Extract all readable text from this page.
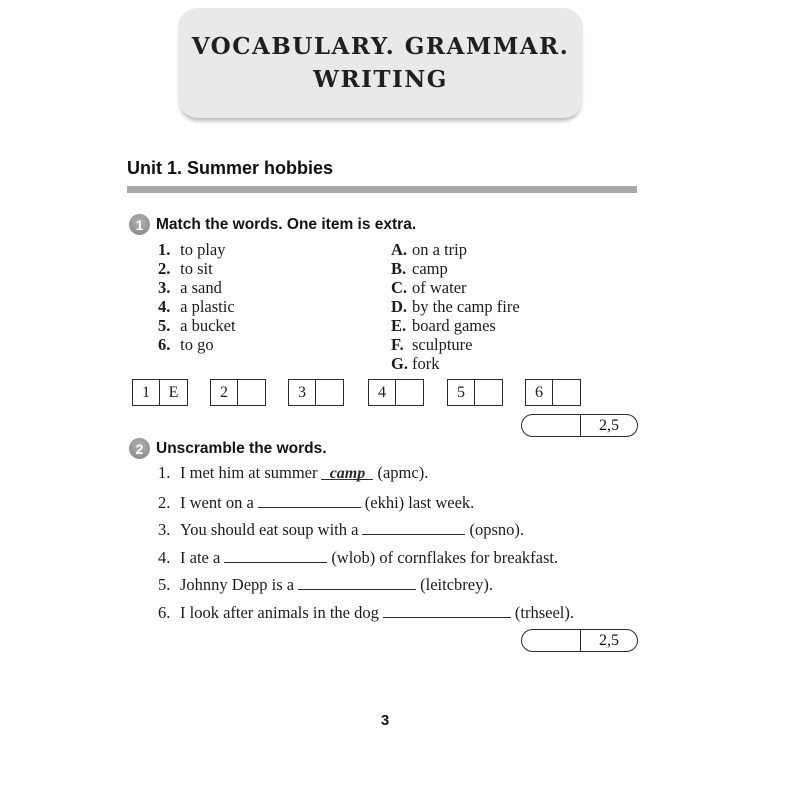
VOCABULARY. GRAMMAR.
WRITING
Unit 1. Summer hobbies
1 Match the words. One item is extra.
1. to play
2. to sit
3. a sand
4. a plastic
5. a bucket
6. to go
A. on a trip
B. camp
C. of water
D. by the camp fire
E. board games
F. sculpture
G. fork
1	E	2	3	4	5	6
2,5
2 Unscramble the words.
1. I met him at summer camp (apmc).
2. I went on a	(ekhi) last week.
3. You should eat soup with a	(opsno).
4. I ate a	(wlob) of cornflakes for breakfast.
5. Johnny Depp is a	(leitcbrey).
6. I look after animals in the dog	(trhseel).
2,5
3
